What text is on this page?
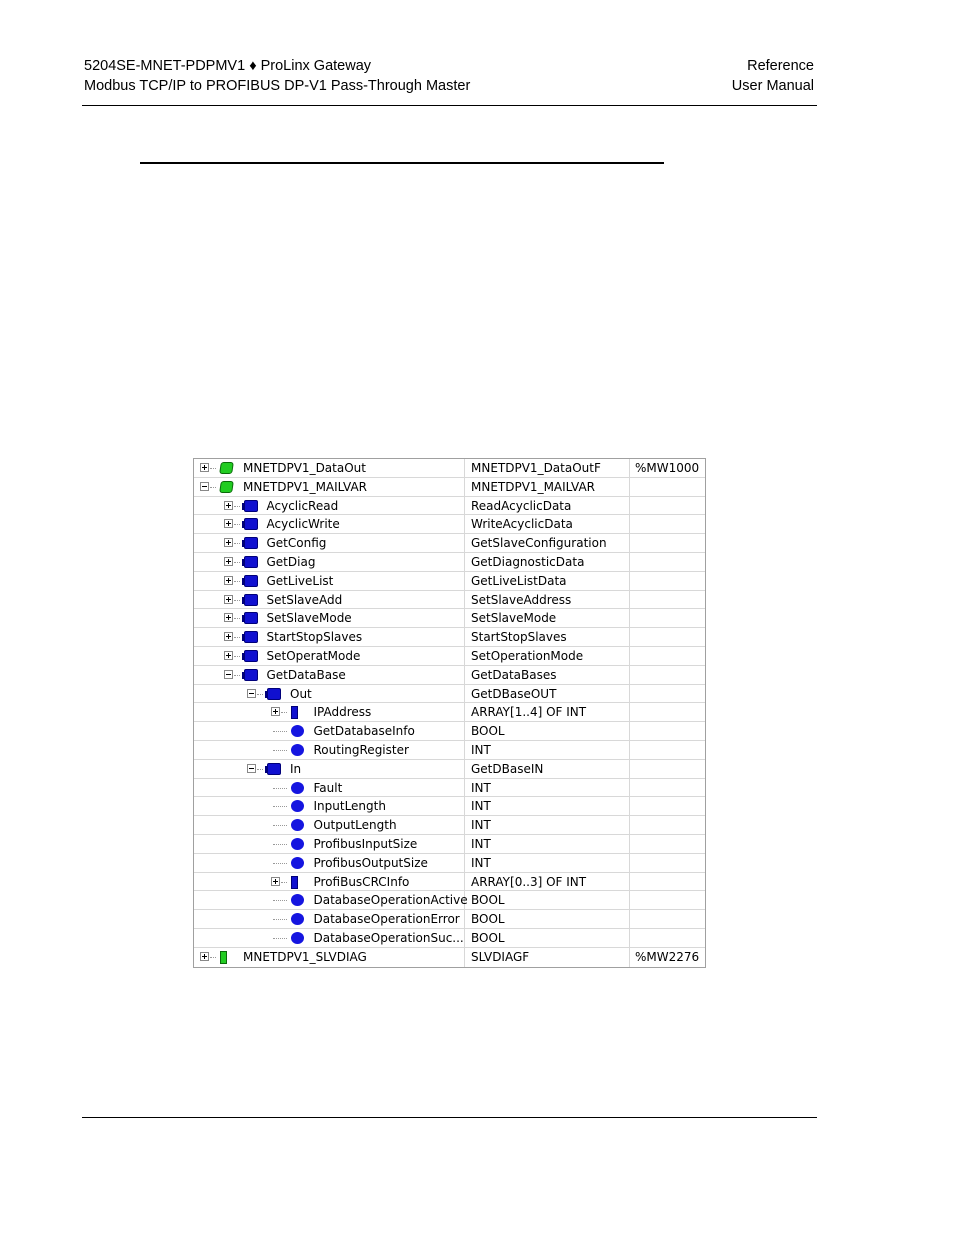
5204SE-MNET-PDPMV1 ♦ ProLinx Gateway
Modbus TCP/IP to PROFIBUS DP-V1 Pass-Through Master
Reference
User Manual
MNETDPV1_DataOut	MNETDPV1_DataOutF	%MW1000
MNETDPV1_MAILVAR	MNETDPV1_MAILVAR
AcyclicRead	ReadAcyclicData
AcyclicWrite	WriteAcyclicData
GetConfig	GetSlaveConfiguration
GetDiag	GetDiagnosticData
GetLiveList	GetLiveListData
SetSlaveAdd	SetSlaveAddress
SetSlaveMode	SetSlaveMode
StartStopSlaves	StartStopSlaves
SetOperatMode	SetOperationMode
GetDataBase	GetDataBases
Out	GetDBaseOUT
IPAddress	ARRAY[1..4] OF INT
GetDatabaseInfo	BOOL
RoutingRegister	INT
In	GetDBaseIN
Fault	INT
InputLength	INT
OutputLength	INT
ProfibusInputSize	INT
ProfibusOutputSize	INT
ProfiBusCRCInfo	ARRAY[0..3] OF INT
DatabaseOperationActive BOOL
DatabaseOperationError BOOL
DatabaseOperationSuc... BOOL
MNETDPV1_SLVDIAG	SLVDIAGF	%MW2276
